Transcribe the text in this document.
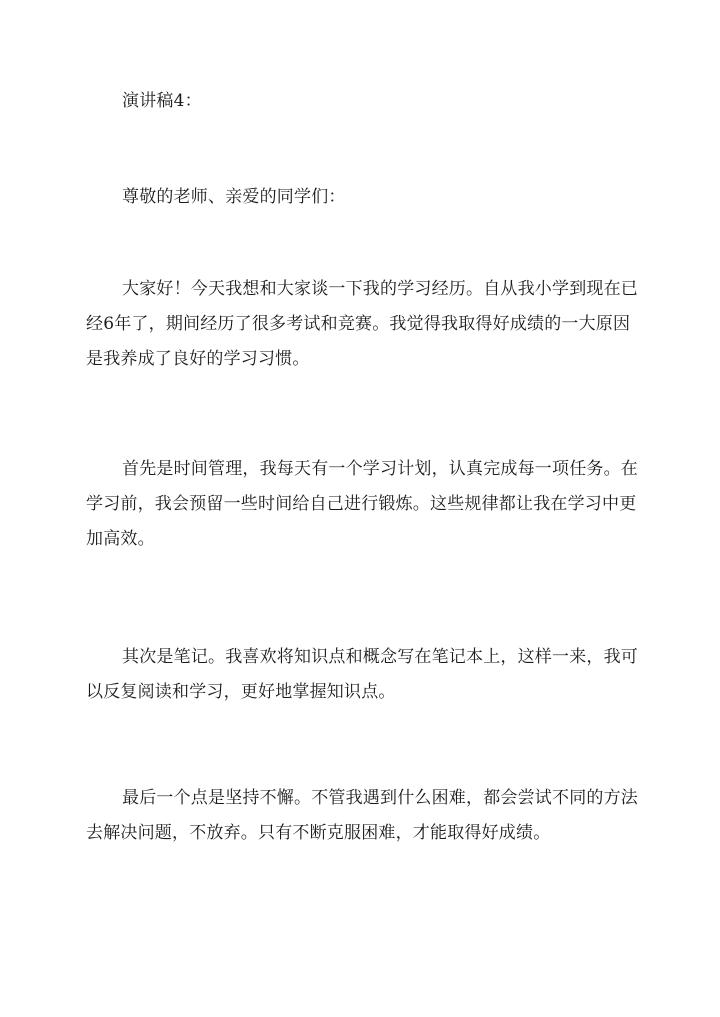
演讲稿4：
尊敬的老师、亲爱的同学们：
大家好！今天我想和大家谈一下我的学习经历。自从我小学到现在已
经6年了，期间经历了很多考试和竞赛。我觉得我取得好成绩的一大原因
是我养成了良好的学习习惯。
首先是时间管理，我每天有一个学习计划，认真完成每一项任务。在
学习前，我会预留一些时间给自己进行锻炼。这些规律都让我在学习中更
加高效。
其次是笔记。我喜欢将知识点和概念写在笔记本上，这样一来，我可
以反复阅读和学习，更好地掌握知识点。
最后一个点是坚持不懈。不管我遇到什么困难，都会尝试不同的方法
去解决问题，不放弃。只有不断克服困难，才能取得好成绩。
